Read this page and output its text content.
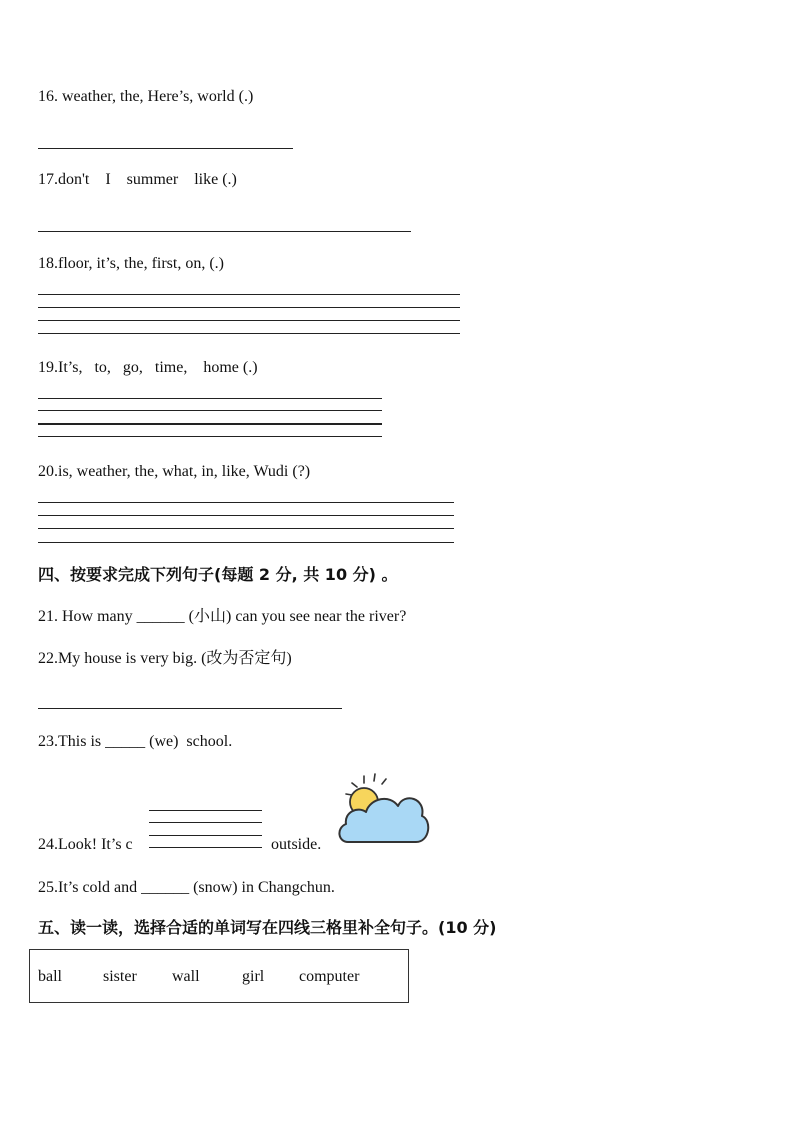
16. weather, the, Here’s, world (.)
17.don't    I    summer    like (.)
18.floor, it’s, the, first, on, (.)
19.It’s,   to,   go,   time,    home (.)
20.is, weather, the, what, in, like, Wudi (?)
四、按要求完成下列句子(每题 2 分, 共 10 分) 。
21. How many ______ (小山) can you see near the river?
22.My house is very big. (改为否定句)
23.This is _____ (we)  school.
24.Look! It’s c	outside.
25.It’s cold and ______ (snow) in Changchun.
五、读一读，选择合适的单词写在四线三格里补全句子。(10 分)
ball	sister wall	girl computer
